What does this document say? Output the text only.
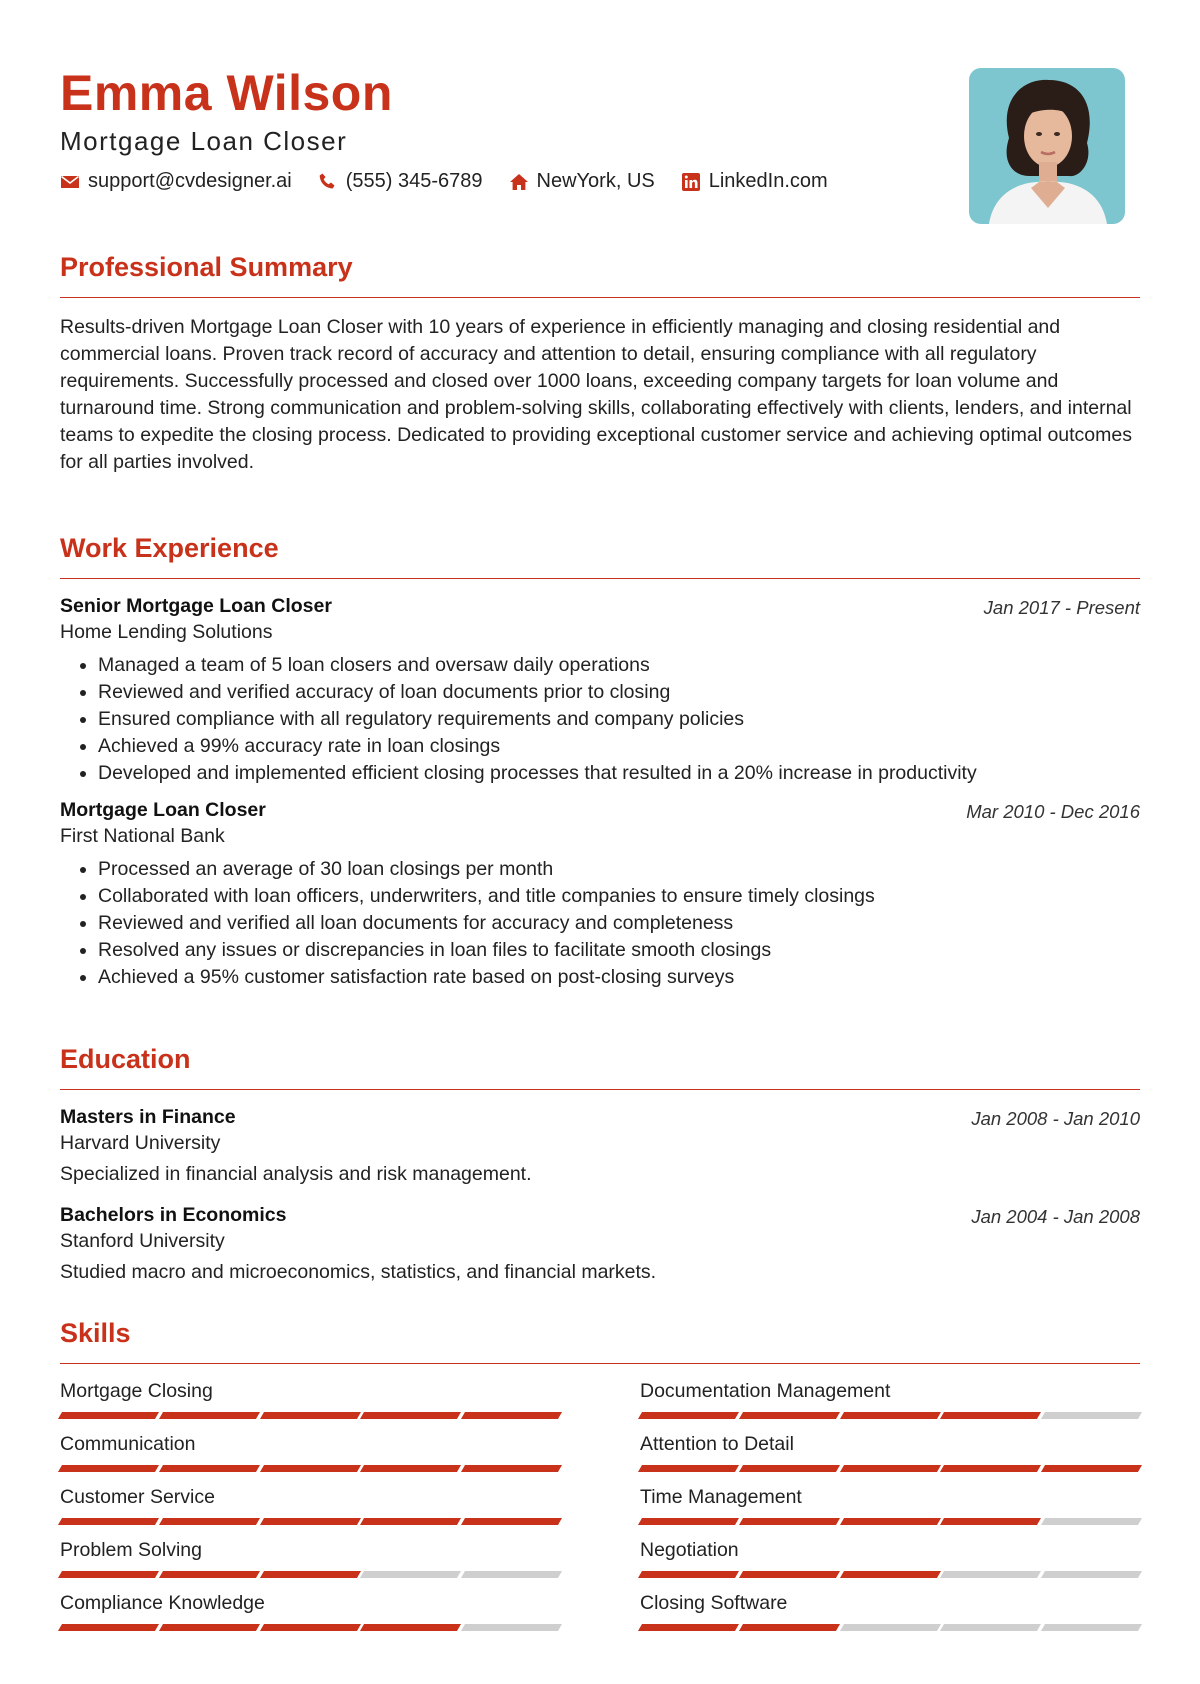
Emma Wilson
Mortgage Loan Closer
support@cvdesigner.ai	(555) 345-6789	NewYork, US	LinkedIn.com
Professional Summary

Results-driven Mortgage Loan Closer with 10 years of experience in efficiently managing and closing residential and commercial loans. Proven track record of accuracy and attention to detail, ensuring compliance with all regulatory requirements. Successfully processed and closed over 1000 loans, exceeding company targets for loan volume and turnaround time. Strong communication and problem-solving skills, collaborating effectively with clients, lenders, and internal teams to expedite the closing process. Dedicated to providing exceptional customer service and achieving optimal outcomes for all parties involved.

Work Experience
Senior Mortgage Loan Closer	Jan 2017 - Present
Home Lending Solutions
• Managed a team of 5 loan closers and oversaw daily operations
• Reviewed and verified accuracy of loan documents prior to closing
• Ensured compliance with all regulatory requirements and company policies
• Achieved a 99% accuracy rate in loan closings
• Developed and implemented efficient closing processes that resulted in a 20% increase in productivity
Mortgage Loan Closer	Mar 2010 - Dec 2016
First National Bank
• Processed an average of 30 loan closings per month
• Collaborated with loan officers, underwriters, and title companies to ensure timely closings
• Reviewed and verified all loan documents for accuracy and completeness
• Resolved any issues or discrepancies in loan files to facilitate smooth closings
• Achieved a 95% customer satisfaction rate based on post-closing surveys
Education
Masters in Finance	Jan 2008 - Jan 2010
Harvard University
Specialized in financial analysis and risk management.
Bachelors in Economics	Jan 2004 - Jan 2008
Stanford University
Studied macro and microeconomics, statistics, and financial markets.
Skills
Mortgage Closing	Documentation Management
Communication	Attention to Detail
Customer Service	Time Management
Problem Solving	Negotiation
Compliance Knowledge	Closing Software
